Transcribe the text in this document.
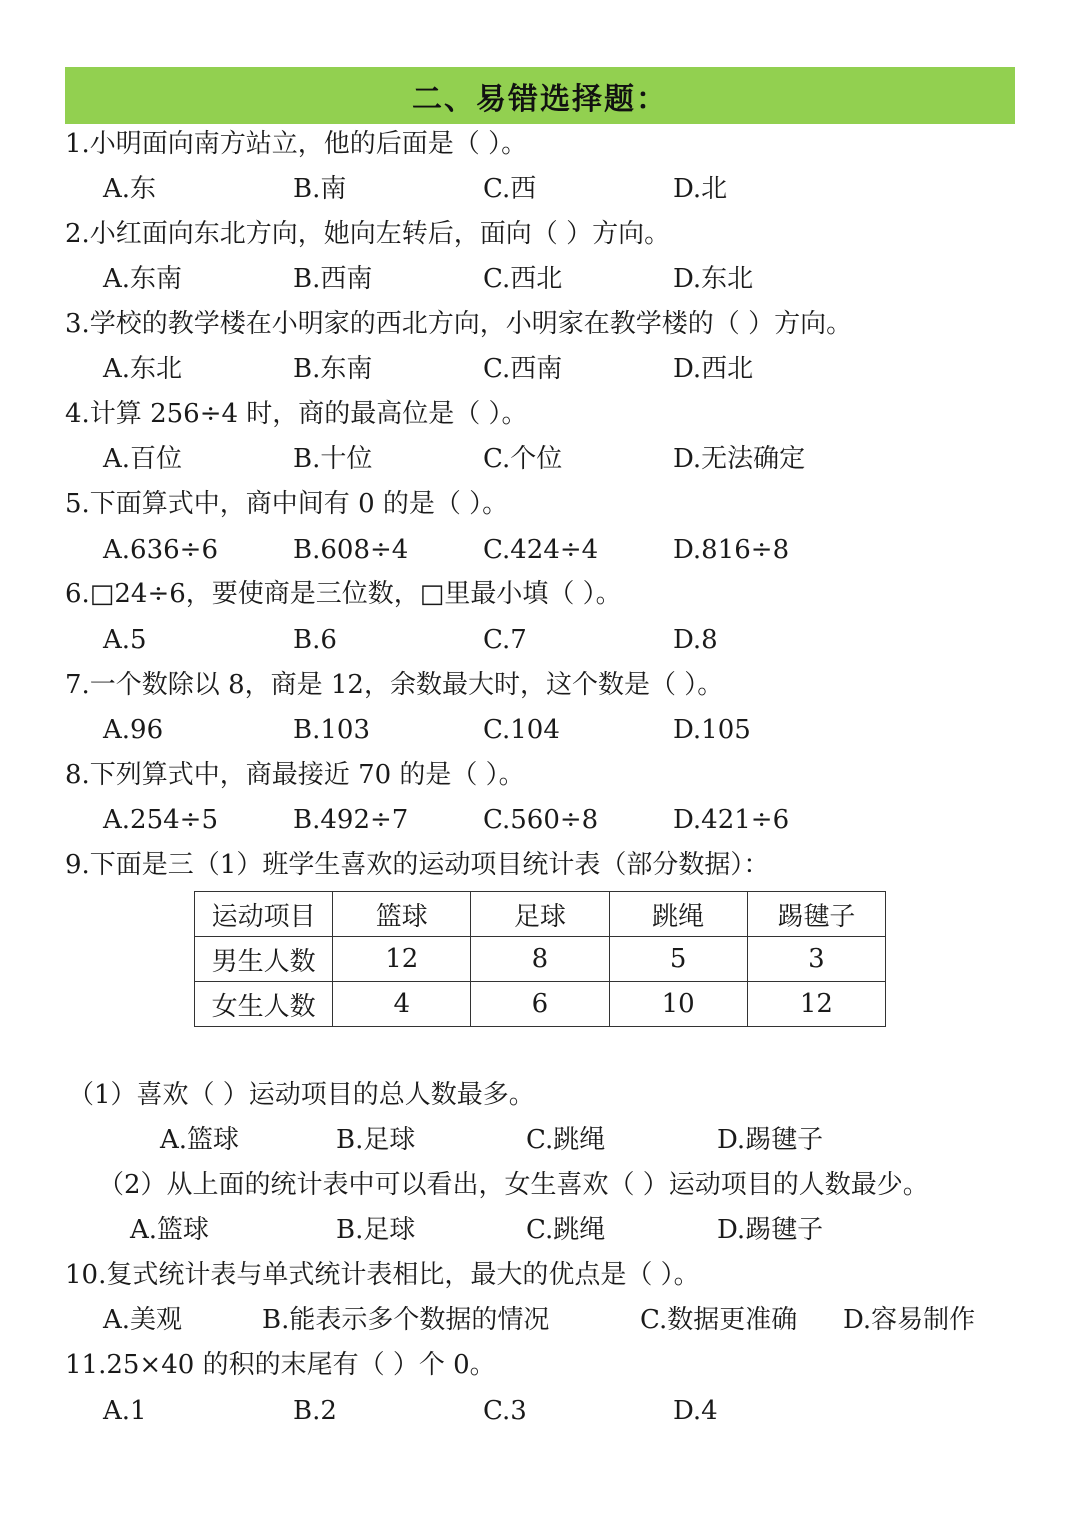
二、易错选择题：
1.小明面向南方站立，他的后面是（ ）。
A.东	B.南	C.西	D.北
2.小红面向东北方向，她向左转后，面向（ ）方向。
A.东南	B.西南	C.西北	D.东北
3.学校的教学楼在小明家的西北方向，小明家在教学楼的（ ）方向。
A.东北	B.东南	C.西南	D.西北
4.计算 256÷4 时，商的最高位是（ ）。
A.百位	B.十位	C.个位	D.无法确定
5.下面算式中，商中间有 0 的是（ ）。
A.636÷6	B.608÷4	C.424÷4	D.816÷8
6.□24÷6，要使商是三位数，□里最小填（ ）。
A.5	B.6	C.7	D.8
7.一个数除以 8，商是 12，余数最大时，这个数是（ ）。
A.96	B.103	C.104	D.105
8.下列算式中，商最接近 70 的是（ ）。
A.254÷5	B.492÷7	C.560÷8	D.421÷6
9.下面是三（1）班学生喜欢的运动项目统计表（部分数据）：
运动项目	篮球	足球	跳绳	踢毽子
男生人数	12	8	5	3
女生人数	4	6	10	12
（1）喜欢（ ）运动项目的总人数最多。
A.篮球	B.足球	C.跳绳	D.踢毽子
（2）从上面的统计表中可以看出，女生喜欢（ ）运动项目的人数最少。
A.篮球	B.足球	C.跳绳	D.踢毽子
10.复式统计表与单式统计表相比，最大的优点是（ ）。
A.美观	B.能表示多个数据的情况	C.数据更准确 D.容易制作
11.25×40 的积的末尾有（ ）个 0。
A.1	B.2	C.3	D.4
